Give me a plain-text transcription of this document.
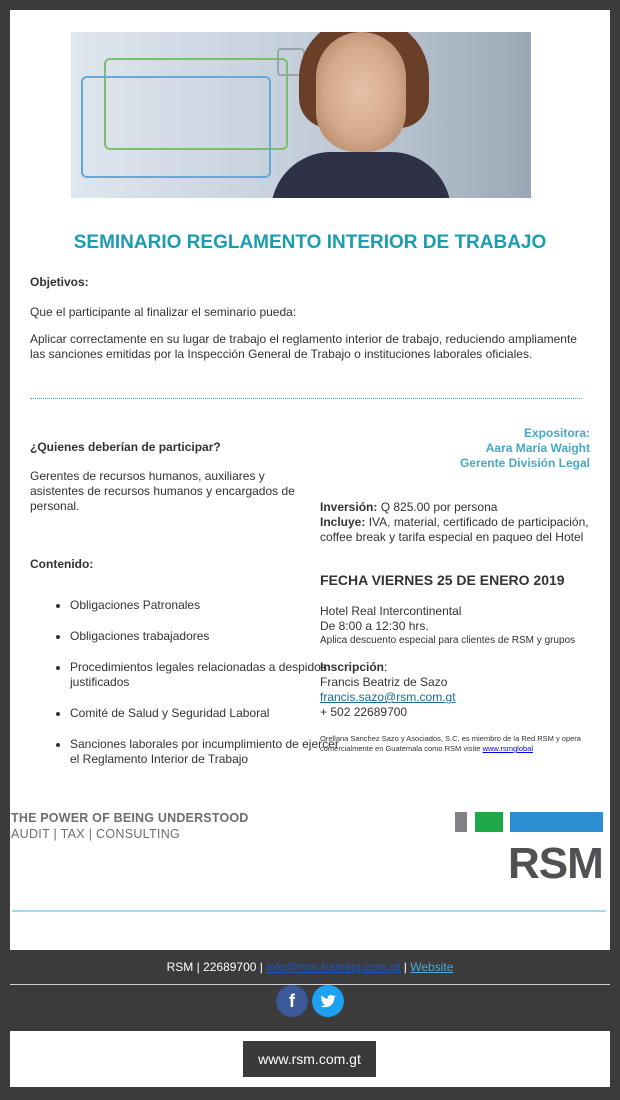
SEMINARIO REGLAMENTO INTERIOR DE TRABAJO
Objetivos:
Que el participante al finalizar el seminario pueda:
Aplicar correctamente en su lugar de trabajo el reglamento interior de trabajo, reduciendo ampliamente las sanciones emitidas por la Inspección General de Trabajo o instituciones laborales oficiales.
¿Quienes deberían de participar?
Gerentes de recursos humanos, auxiliares y asistentes de recursos humanos y encargados de personal.
Contenido:
• Obligaciones Patronales
• Obligaciones trabajadores
• Procedimientos legales relacionadas a despidos justificados
• Comité de Salud y Seguridad Laboral
• Sanciones laborales por incumplimiento de ejercer el Reglamento Interior de Trabajo
Expositora:
Aara María Waight
Gerente División Legal
Inversión: Q 825.00 por persona
Incluye: IVA, material, certificado de participación, coffee break y tarifa especial en paqueo del Hotel
FECHA VIERNES 25 DE ENERO 2019
Hotel Real Intercontinental
De 8:00 a 12:30 hrs.
Aplica descuento especial para clientes de RSM y grupos
Inscripción:
Francis Beatriz de Sazo
francis.sazo@rsm.com.gt
+ 502 22689700
Orellana Sanchez Sazo y Asociados, S.C. es miembro de la Red RSM y opera comercialmente en Guatemala como RSM visite www.rsmglobal
THE POWER OF BEING UNDERSTOOD
AUDIT | TAX | CONSULTING
RSM
RSM | 22689700 | info@rsm-training.com.gt | Website
f
www.rsm.com.gt
